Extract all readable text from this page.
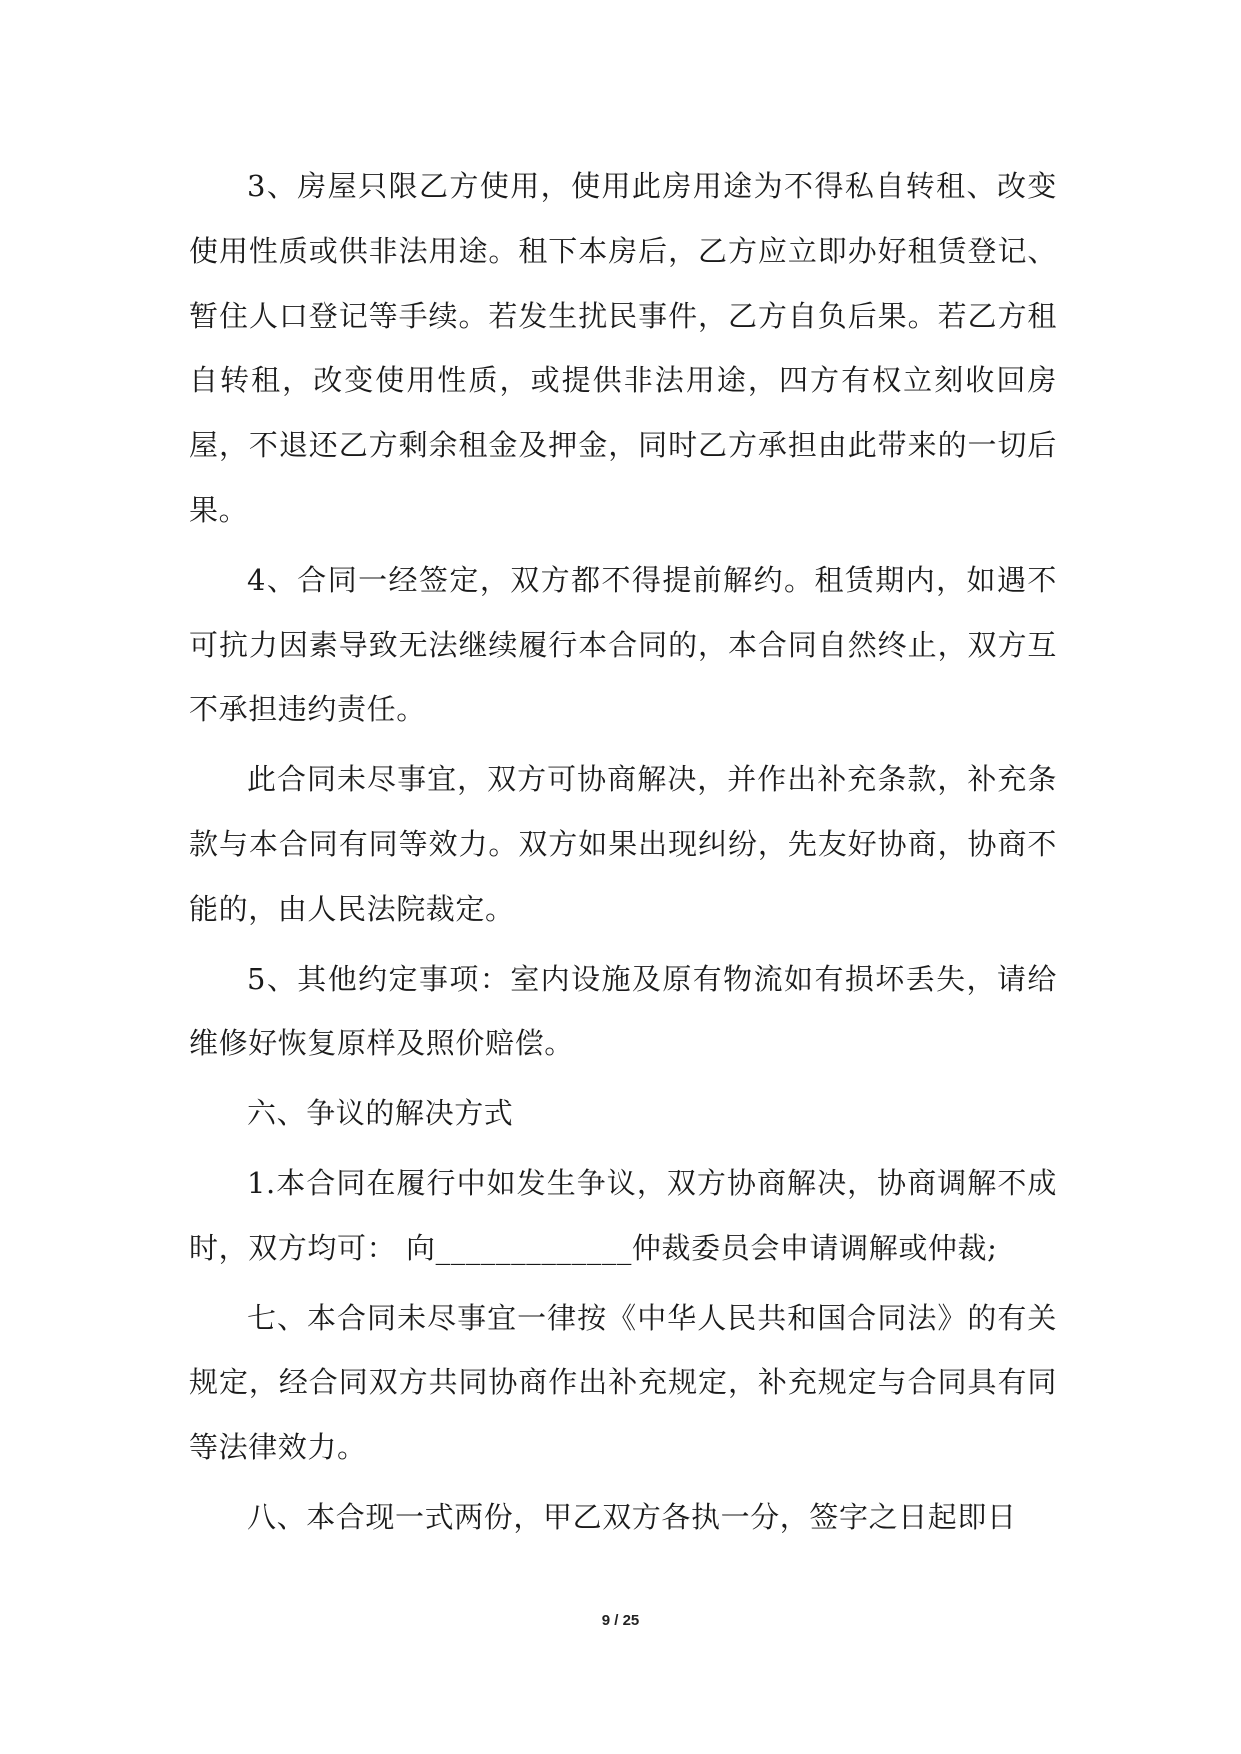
3、房屋只限乙方使用，使用此房用途为不得私自转租、改变使用性质或供非法用途。租下本房后，乙方应立即办好租赁登记、暂住人口登记等手续。若发生扰民事件，乙方自负后果。若乙方租自转租，改变使用性质，或提供非法用途，四方有权立刻收回房屋，不退还乙方剩余租金及押金，同时乙方承担由此带来的一切后果。

4、合同一经签定，双方都不得提前解约。租赁期内，如遇不可抗力因素导致无法继续履行本合同的，本合同自然终止，双方互不承担违约责任。

此合同未尽事宜，双方可协商解决，并作出补充条款，补充条款与本合同有同等效力。双方如果出现纠纷，先友好协商，协商不能的，由人民法院裁定。

5、其他约定事项：室内设施及原有物流如有损坏丢失，请给维修好恢复原样及照价赔偿。

六、争议的解决方式

1.本合同在履行中如发生争议，双方协商解决，协商调解不成时，双方均可： 向_____________仲裁委员会申请调解或仲裁;

七、本合同未尽事宜一律按《中华人民共和国合同法》的有关规定，经合同双方共同协商作出补充规定，补充规定与合同具有同等法律效力。

八、本合现一式两份，甲乙双方各执一分，签字之日起即日

9 / 25
